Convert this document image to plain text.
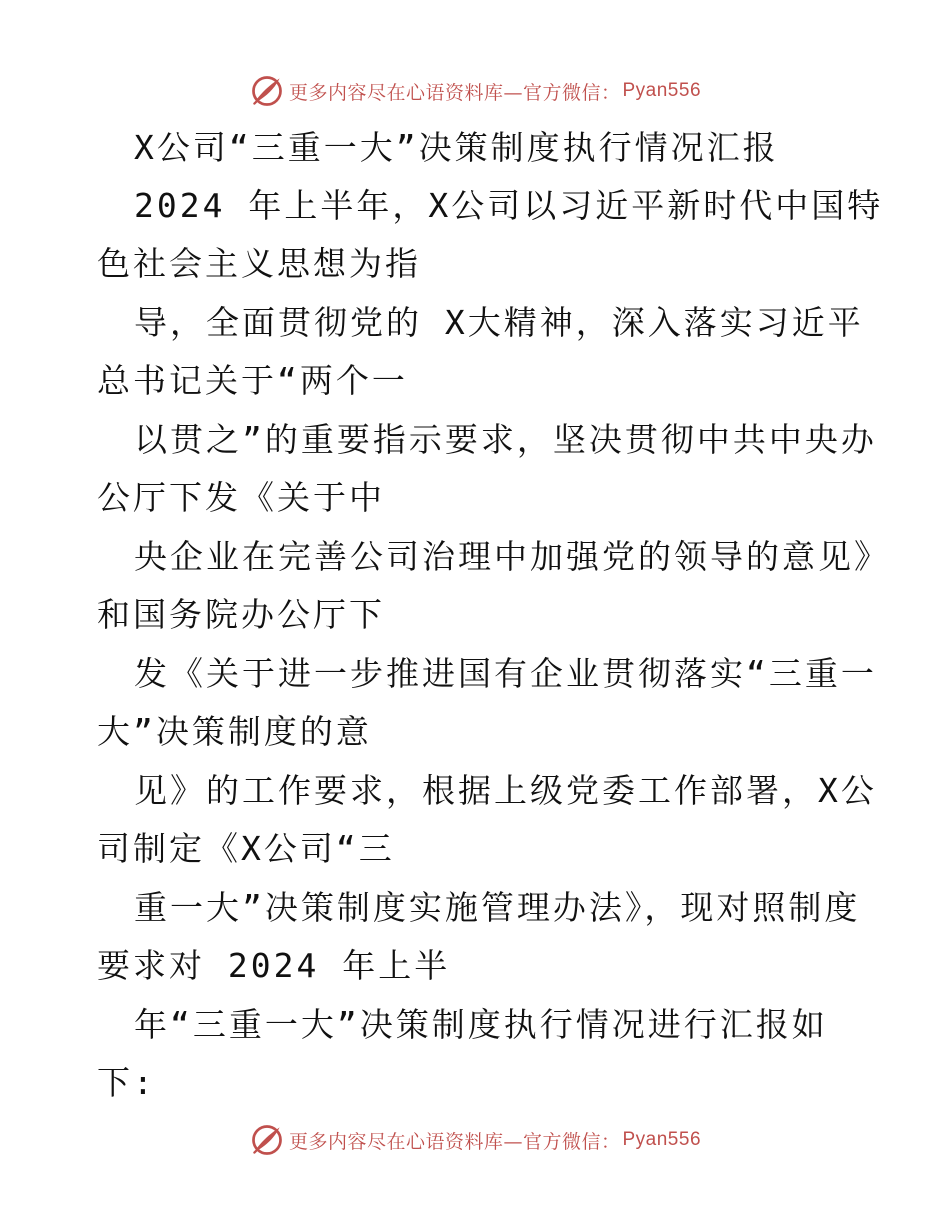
更多内容尽在心语资料库—官方微信： Pyan556
X公司“三重一大”决策制度执行情况汇报
2024 年上半年，X公司以习近平新时代中国特
色社会主义思想为指
导，全面贯彻党的 X大精神，深入落实习近平
总书记关于“两个一
以贯之”的重要指示要求，坚决贯彻中共中央办
公厅下发《关于中
央企业在完善公司治理中加强党的领导的意见》
和国务院办公厅下
发《关于进一步推进国有企业贯彻落实“三重一
大”决策制度的意
见》的工作要求，根据上级党委工作部署，X公
司制定《X公司“三
重一大”决策制度实施管理办法》，现对照制度
要求对 2024 年上半
年“三重一大”决策制度执行情况进行汇报如
下:
更多内容尽在心语资料库—官方微信： Pyan556
